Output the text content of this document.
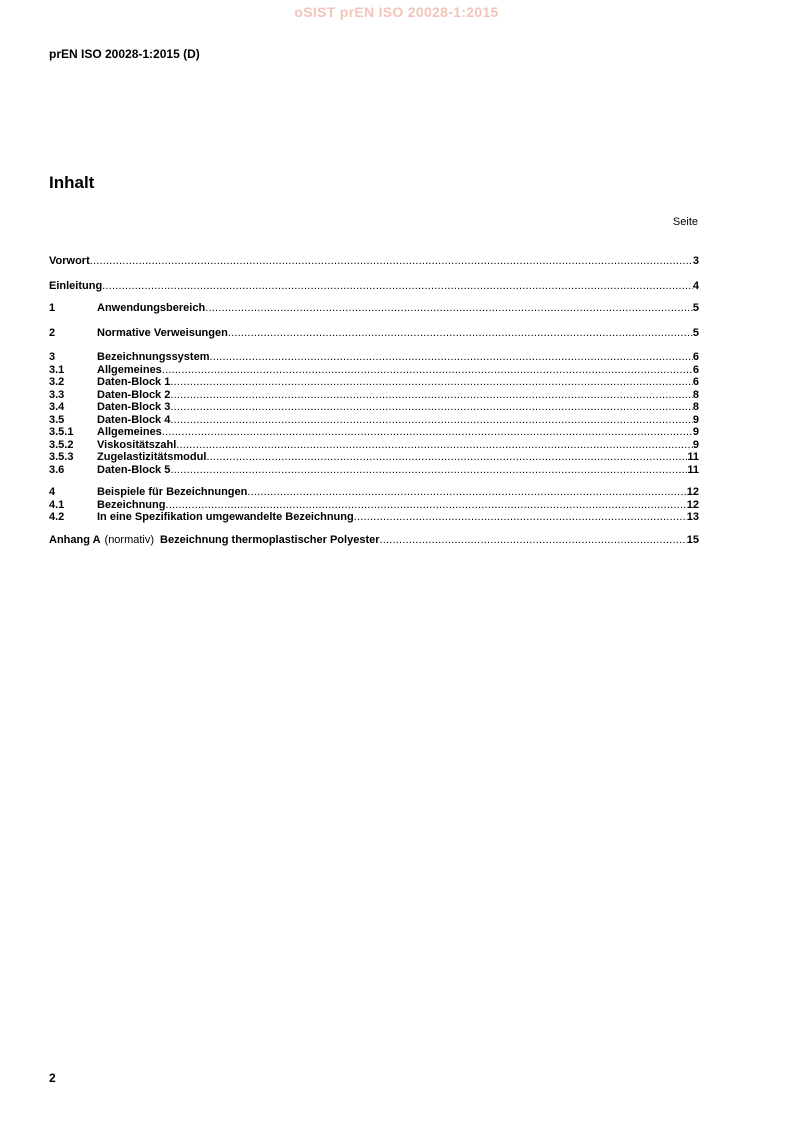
oSIST prEN ISO 20028-1:2015
prEN ISO 20028-1:2015 (D)
Inhalt
Seite
Vorwort .....	3
Einleitung .....	4
1	Anwendungsbereich .....	5
2	Normative Verweisungen .....	5
3	Bezeichnungssystem .....	6
3.1	Allgemeines .....	6
3.2	Daten-Block 1 .....	6
3.3	Daten-Block 2 .....	8
3.4	Daten-Block 3 .....	8
3.5	Daten-Block 4 .....	9
3.5.1	Allgemeines .....	9
3.5.2	Viskositätszahl .....	9
3.5.3	Zugelastizitätsmodul .....	11
3.6	Daten-Block 5 .....	11
4	Beispiele für Bezeichnungen .....	12
4.1	Bezeichnung .....	12
4.2	In eine Spezifikation umgewandelte Bezeichnung .....	13
Anhang A (normativ) Bezeichnung thermoplastischer Polyester .....	15
2
